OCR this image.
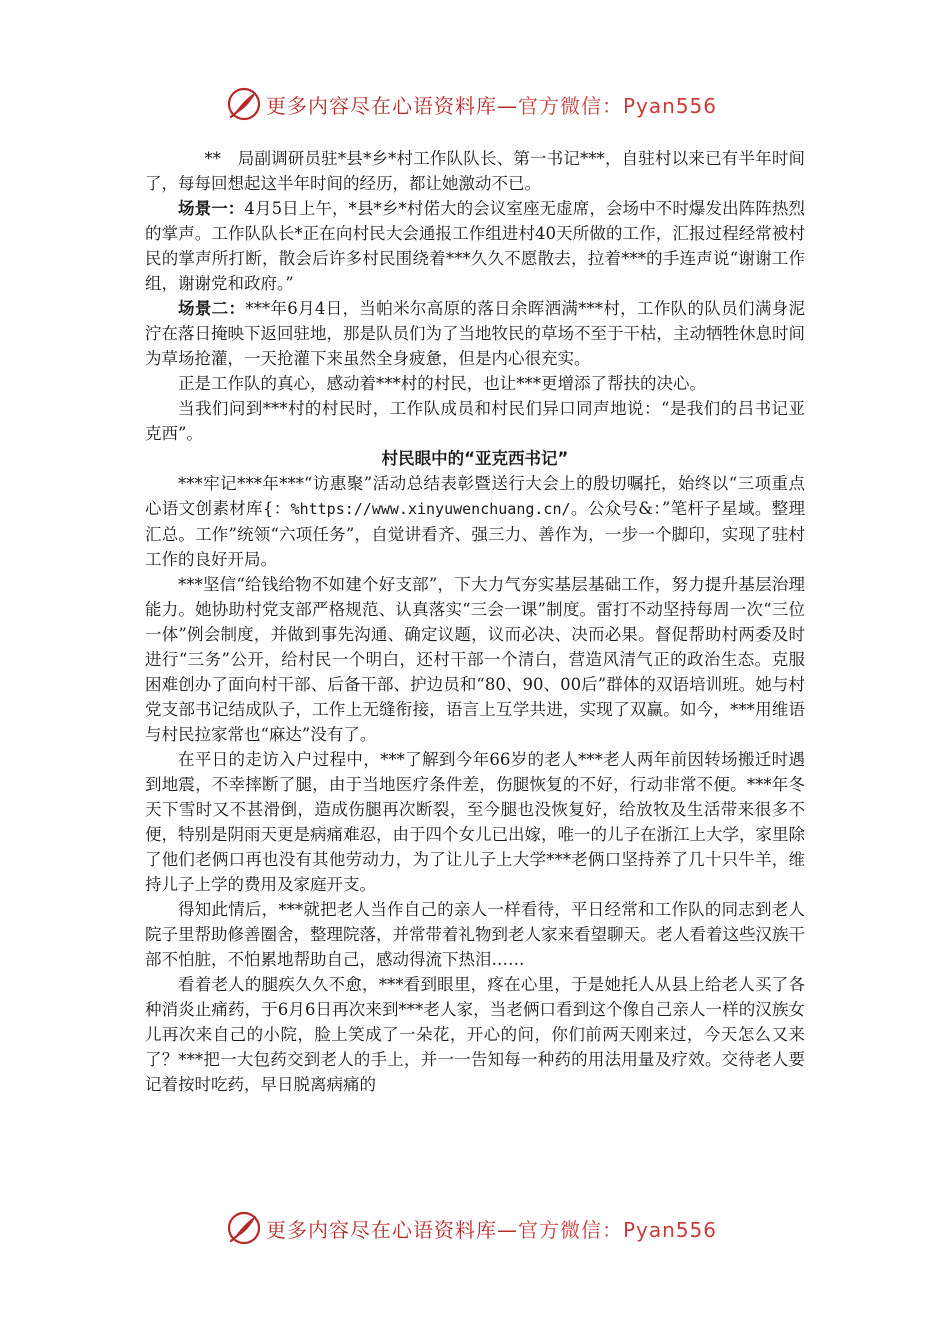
更多内容尽在心语资料库—官方微信：Pyan556

**　局副调研员驻*县*乡*村工作队队长、第一书记***，自驻村以来已有半年时间了，每每回想起这半年时间的经历，都让她激动不已。

场景一：4月5日上午，*县*乡*村偌大的会议室座无虚席，会场中不时爆发出阵阵热烈的掌声。工作队队长*正在向村民大会通报工作组进村40天所做的工作，汇报过程经常被村民的掌声所打断，散会后许多村民围绕着***久久不愿散去，拉着***的手连声说“谢谢工作组，谢谢党和政府。”

场景二：***年6月4日，当帕米尔高原的落日余晖洒满***村，工作队的队员们满身泥泞在落日掩映下返回驻地，那是队员们为了当地牧民的草场不至于干枯，主动牺牲休息时间为草场抢灌，一天抢灌下来虽然全身疲惫，但是内心很充实。

正是工作队的真心，感动着***村的村民，也让***更增添了帮扶的决心。

当我们问到***村的村民时，工作队成员和村民们异口同声地说：“是我们的吕书记亚克西”。

村民眼中的“亚克西书记”

***牢记***年***“访惠聚”活动总结表彰暨送行大会上的殷切嘱托，始终以“三项重点心语文创素材库{：%https://www.xinyuwenchuang.cn/。公众号&：”笔杆子星域。整理汇总。工作”统领“六项任务”，自觉讲看齐、强三力、善作为，一步一个脚印，实现了驻村工作的良好开局。

***坚信“给钱给物不如建个好支部”，下大力气夯实基层基础工作，努力提升基层治理能力。她协助村党支部严格规范、认真落实“三会一课”制度。雷打不动坚持每周一次“三位一体”例会制度，并做到事先沟通、确定议题，议而必决、决而必果。督促帮助村两委及时进行“三务”公开，给村民一个明白，还村干部一个清白，营造风清气正的政治生态。克服困难创办了面向村干部、后备干部、护边员和“80、90、00后”群体的双语培训班。她与村党支部书记结成队子，工作上无缝衔接，语言上互学共进，实现了双赢。如今，***用维语与村民拉家常也“麻达”没有了。

在平日的走访入户过程中，***了解到今年66岁的老人***老人两年前因转场搬迁时遇到地震，不幸摔断了腿，由于当地医疗条件差，伤腿恢复的不好，行动非常不便。***年冬天下雪时又不甚滑倒，造成伤腿再次断裂，至今腿也没恢复好，给放牧及生活带来很多不便，特别是阴雨天更是病痛难忍，由于四个女儿已出嫁，唯一的儿子在浙江上大学，家里除了他们老俩口再也没有其他劳动力，为了让儿子上大学***老俩口坚持养了几十只牛羊，维持儿子上学的费用及家庭开支。

得知此情后，***就把老人当作自己的亲人一样看待，平日经常和工作队的同志到老人院子里帮助修善圈舍，整理院落，并常带着礼物到老人家来看望聊天。老人看着这些汉族干部不怕脏，不怕累地帮助自己，感动得流下热泪……

看着老人的腿疾久久不愈，***看到眼里，疼在心里，于是她托人从县上给老人买了各种消炎止痛药，于6月6日再次来到***老人家，当老俩口看到这个像自己亲人一样的汉族女儿再次来自己的小院，脸上笑成了一朵花，开心的问，你们前两天刚来过，今天怎么又来了？***把一大包药交到老人的手上，并一一告知每一种药的用法用量及疗效。交待老人要记着按时吃药，早日脱离病痛的

更多内容尽在心语资料库—官方微信：Pyan556
